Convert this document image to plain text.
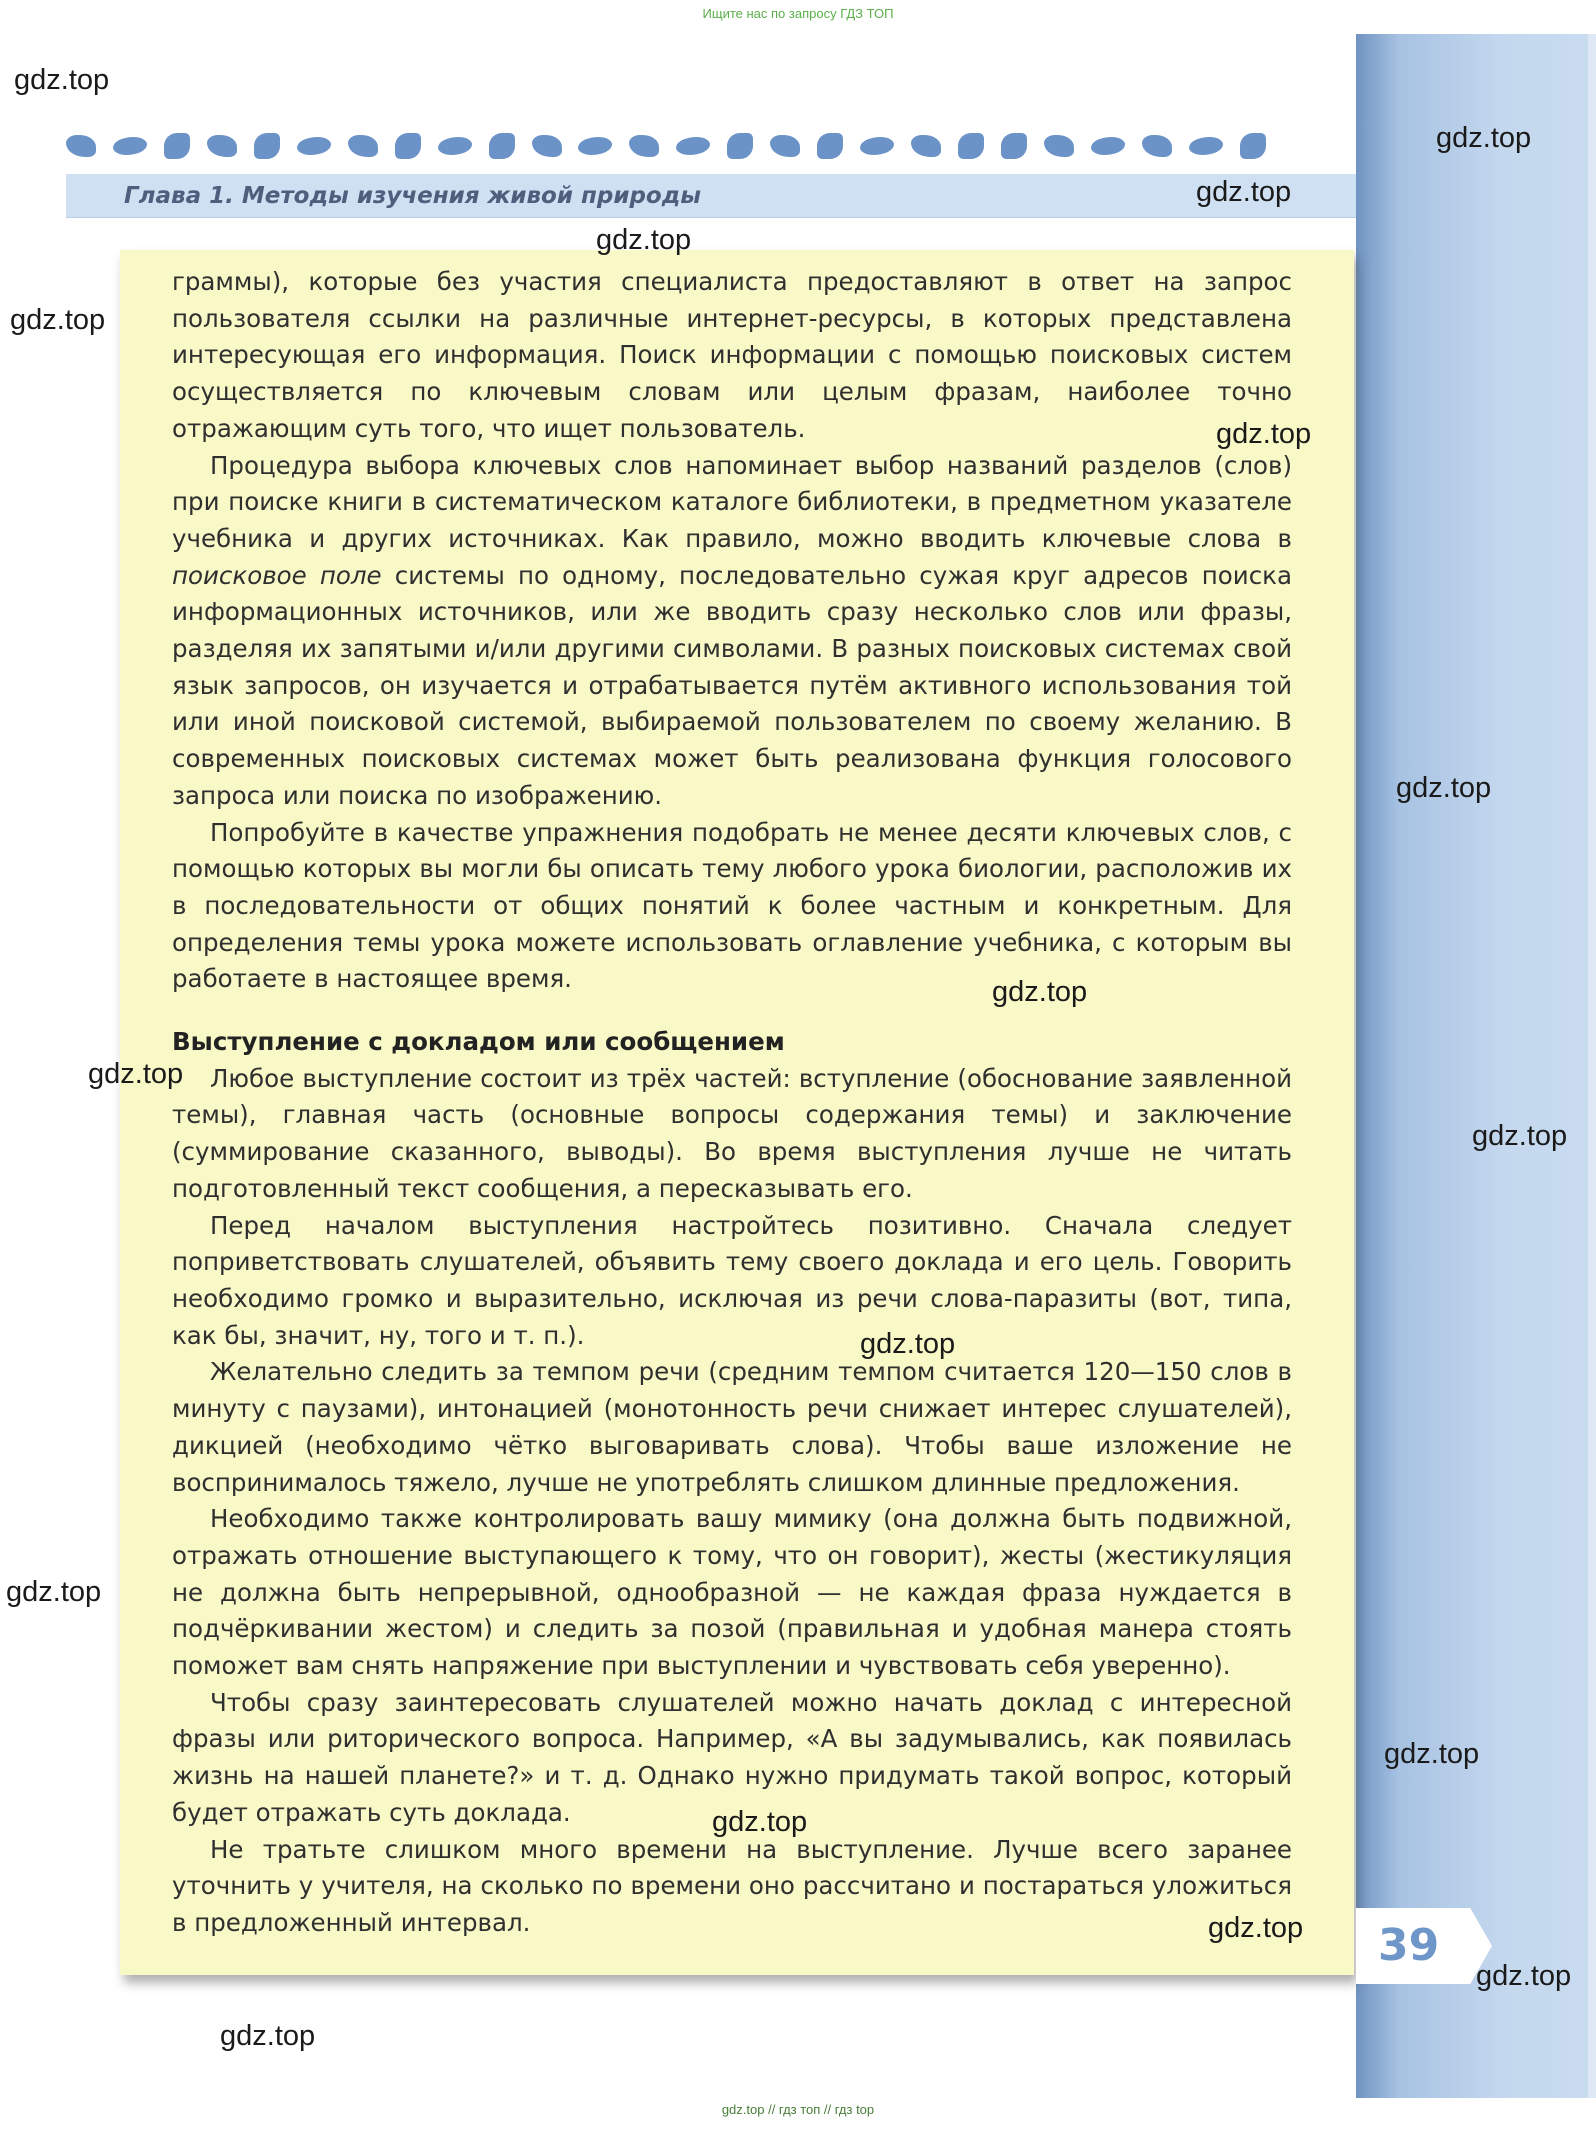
Ищите нас по запросу ГДЗ ТОП
Глава 1. Методы изучения живой природы

граммы), которые без участия специалиста предоставляют в ответ на запрос пользователя ссылки на различные интернет-ресурсы, в которых представлена интересующая его информация. Поиск информации с помощью поисковых систем осуществляется по ключевым словам или целым фразам, наиболее точно отражающим суть того, что ищет пользователь.

Процедура выбора ключевых слов напоминает выбор названий разделов (слов) при поиске книги в систематическом каталоге библиотеки, в предметном указателе учебника и других источниках. Как правило, можно вводить ключевые слова в поисковое поле системы по одному, последовательно сужая круг адресов поиска информационных источников, или же вводить сразу несколько слов или фразы, разделяя их запятыми и/или другими символами. В разных поисковых системах свой язык запросов, он изучается и отрабатывается путём активного использования той или иной поисковой системой, выбираемой пользователем по своему желанию. В современных поисковых системах может быть реализована функция голосового запроса или поиска по изображению.

Попробуйте в качестве упражнения подобрать не менее десяти ключевых слов, с помощью которых вы могли бы описать тему любого урока биологии, расположив их в последовательности от общих понятий к более частным и конкретным. Для определения темы урока можете использовать оглавление учебника, с которым вы работаете в настоящее время.

Выступление с докладом или сообщением

Любое выступление состоит из трёх частей: вступление (обоснование заявленной темы), главная часть (основные вопросы содержания темы) и заключение (суммирование сказанного, выводы). Во время выступления лучше не читать подготовленный текст сообщения, а пересказывать его.

Перед началом выступления настройтесь позитивно. Сначала следует поприветствовать слушателей, объявить тему своего доклада и его цель. Говорить необходимо громко и выразительно, исключая из речи слова-паразиты (вот, типа, как бы, значит, ну, того и т. п.).

Желательно следить за темпом речи (средним темпом считается 120—150 слов в минуту с паузами), интонацией (монотонность речи снижает интерес слушателей), дикцией (необходимо чётко выговаривать слова). Чтобы ваше изложение не воспринималось тяжело, лучше не употреблять слишком длинные предложения.

Необходимо также контролировать вашу мимику (она должна быть подвижной, отражать отношение выступающего к тому, что он говорит), жесты (жестикуляция не должна быть непрерывной, однообразной — не каждая фраза нуждается в подчёркивании жестом) и следить за позой (правильная и удобная манера стоять поможет вам снять напряжение при выступлении и чувствовать себя уверенно).

Чтобы сразу заинтересовать слушателей можно начать доклад с интересной фразы или риторического вопроса. Например, «А вы задумывались, как появилась жизнь на нашей планете?» и т. д. Однако нужно придумать такой вопрос, который будет отражать суть доклада.

Не тратьте слишком много времени на выступление. Лучше всего заранее уточнить у учителя, на сколько по времени оно рассчитано и постараться уложиться в предложенный интервал.	39
gdz.top
gdz.top
gdz.top
gdz.top
gdz.top
gdz.top
gdz.top
gdz.top
gdz.top
gdz.top
gdz.top
gdz.top
gdz.top
gdz.top
gdz.top
gdz.top
gdz.top
gdz.top // гдз топ // гдз top
